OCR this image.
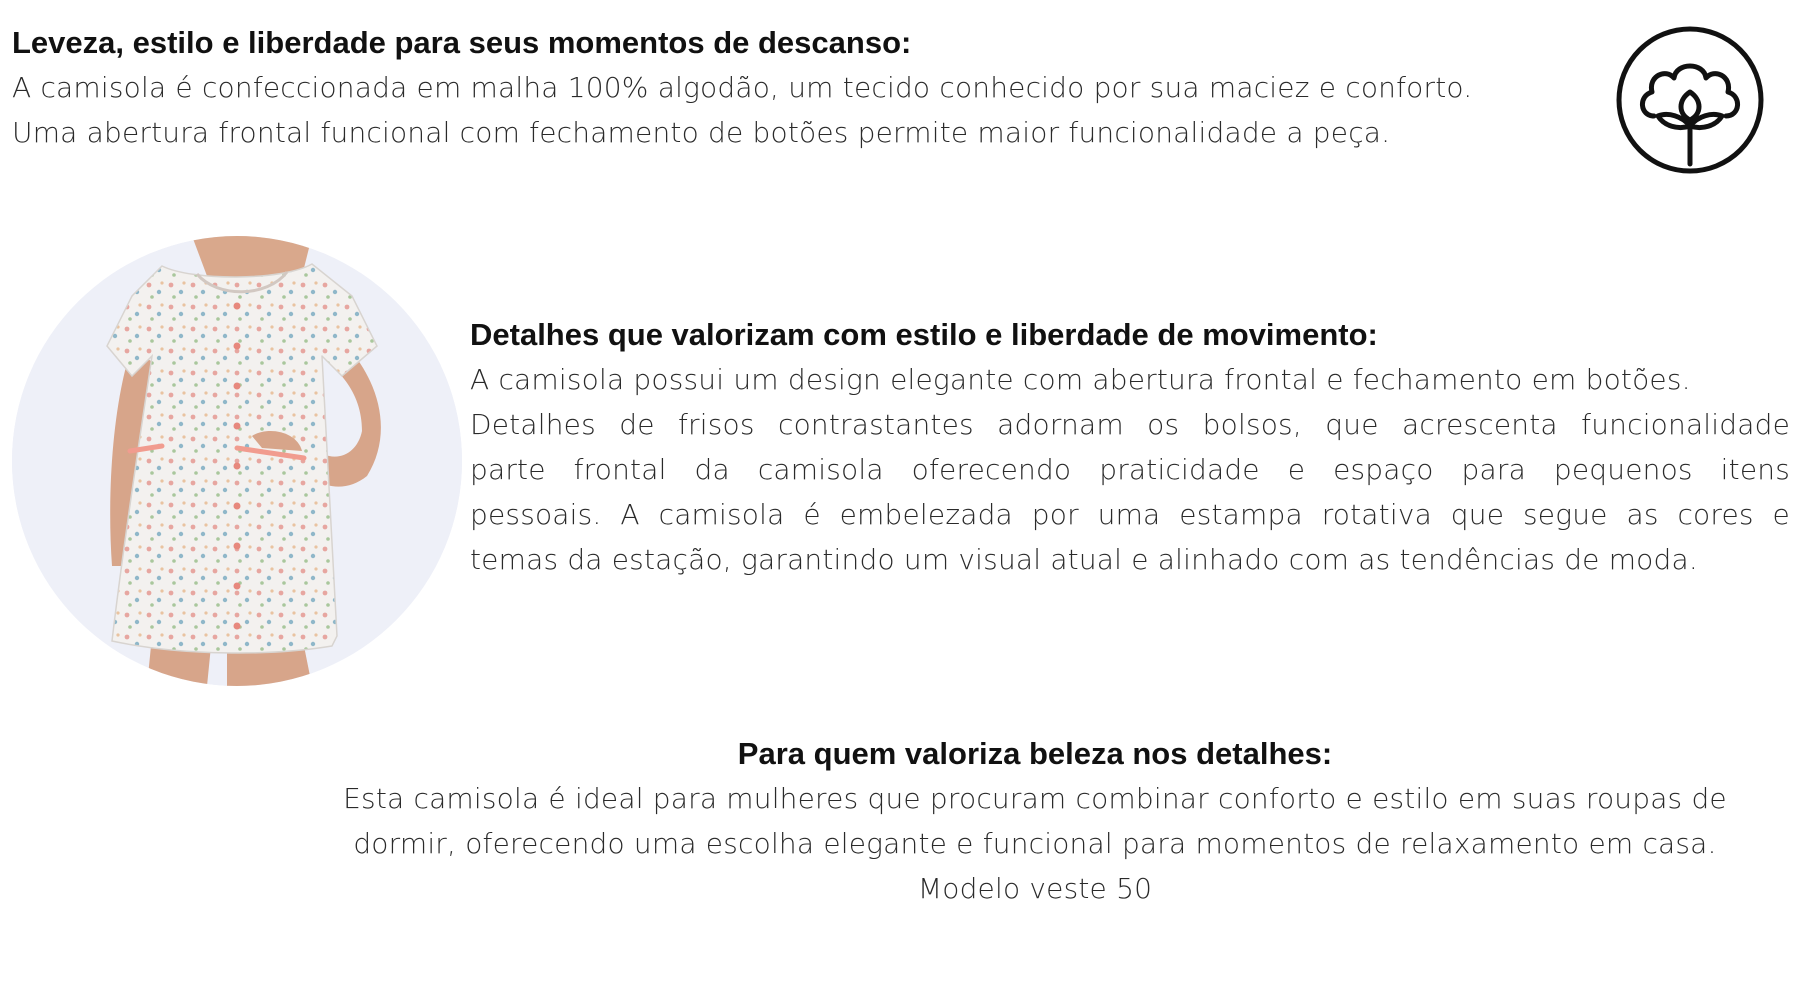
Leveza, estilo e liberdade para seus momentos de descanso:

A camisola é confeccionada em malha 100% algodão, um tecido conhecido por sua maciez e conforto.
Uma abertura frontal funcional com fechamento de botões permite maior funcionalidade a peça.

Detalhes que valorizam com estilo e liberdade de movimento:

A camisola possui um design elegante com abertura frontal e fechamento em botões.
Detalhes de frisos contrastantes adornam os bolsos, que acrescenta funcionalidade
parte frontal da camisola oferecendo praticidade e espaço para pequenos itens
pessoais. A camisola é embelezada por uma estampa rotativa que segue as cores e
temas da estação, garantindo um visual atual e alinhado com as tendências de moda.

Para quem valoriza beleza nos detalhes:

Esta camisola é ideal para mulheres que procuram combinar conforto e estilo em suas roupas de
dormir, oferecendo uma escolha elegante e funcional para momentos de relaxamento em casa.
Modelo veste 50
